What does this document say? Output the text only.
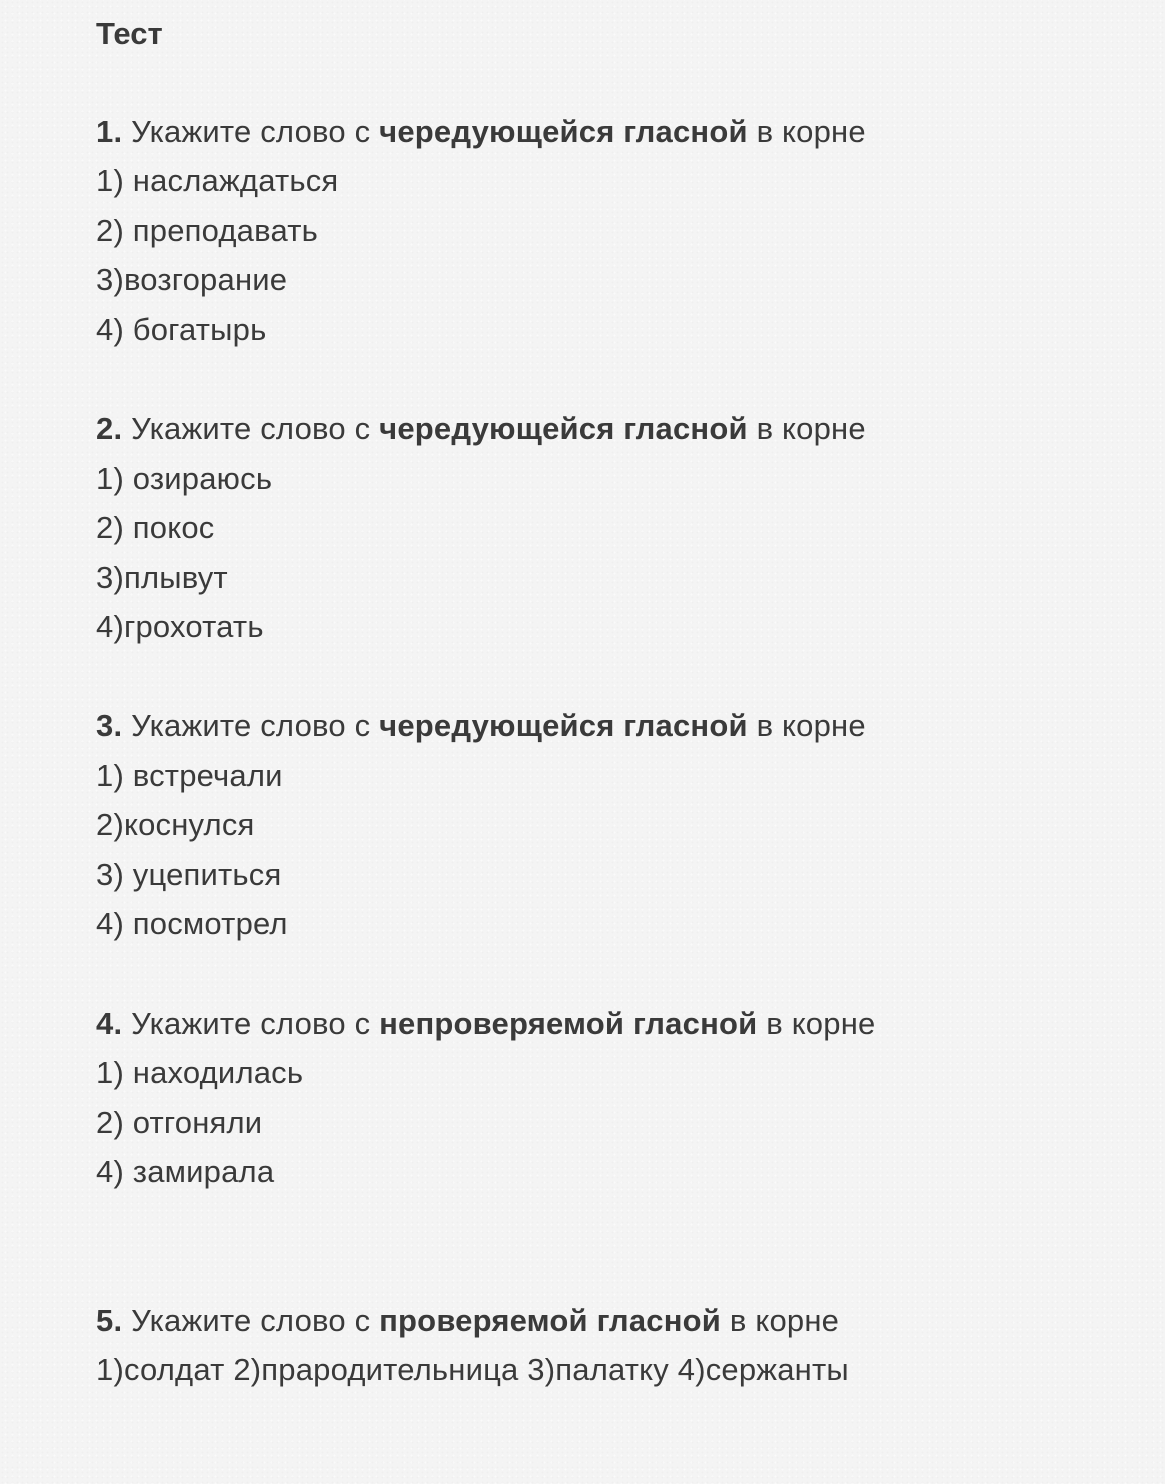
Тест
1. Укажите слово с чередующейся гласной в корне
1) наслаждаться
2) преподавать
3)возгорание
4) богатырь
2. Укажите слово с чередующейся гласной в корне
1) озираюсь
2) покос
3)плывут
4)грохотать
3. Укажите слово с чередующейся гласной в корне
1) встречали
2)коснулся
3) уцепиться
4) посмотрел
4. Укажите слово с непроверяемой гласной в корне
1) находилась
2) отгоняли
4) замирала
5. Укажите слово с проверяемой гласной в корне
1)солдат 2)прародительница 3)палатку 4)сержанты
